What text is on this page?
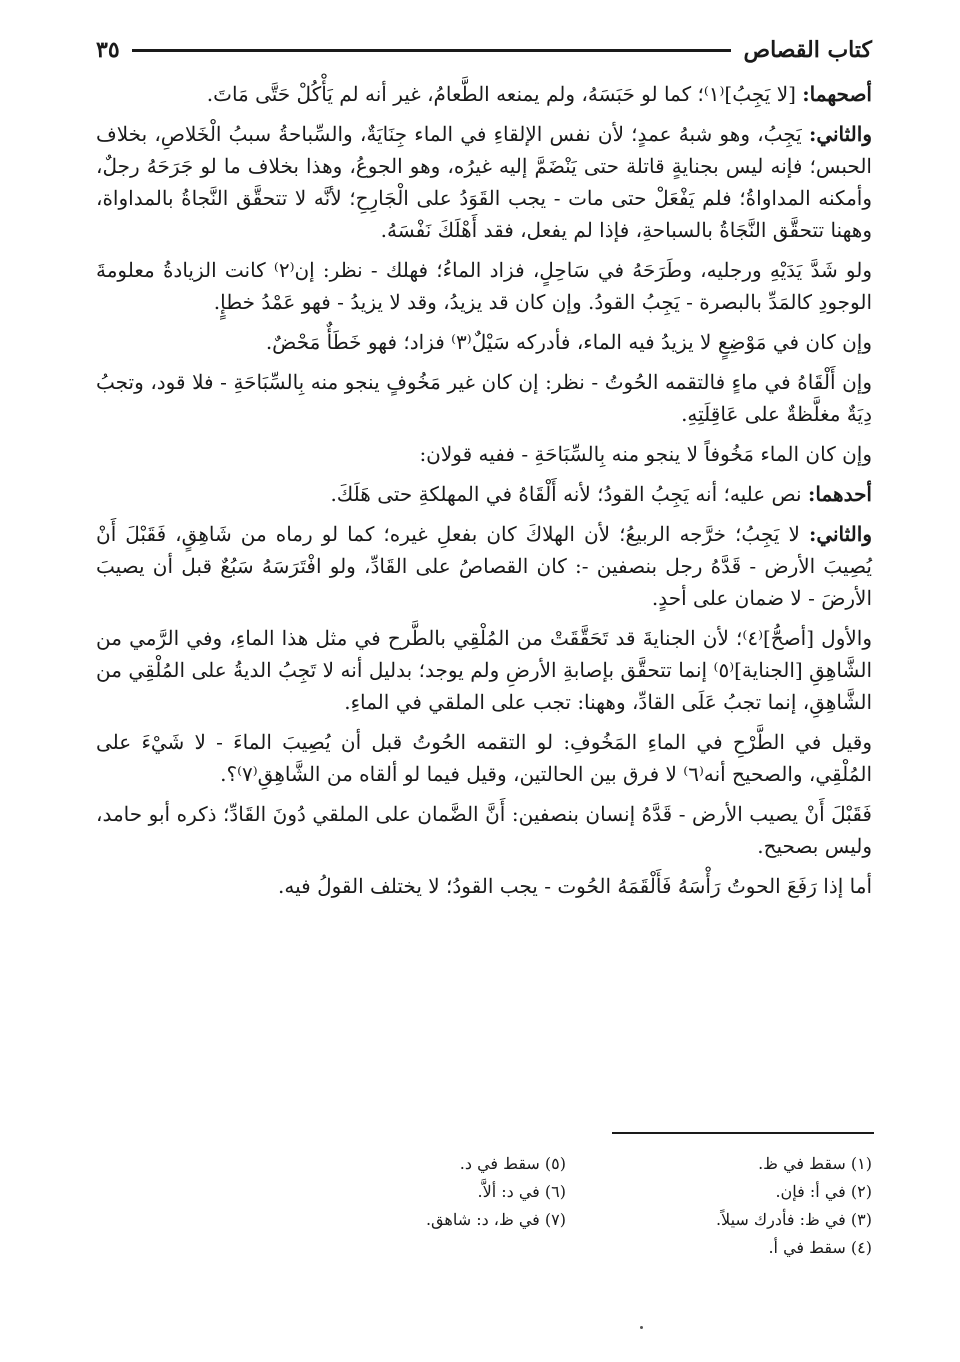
كتاب القصاص
٣٥

أصحهما: [لا يَجِبُ]⁽١⁾؛ كما لو حَبَسَهُ، ولم يمنعه الطَّعامُ، غير أنه لم يَأْكُلْ حَتَّى مَاتَ.

والثاني: يَجِبُ، وهو شبهُ عمدٍ؛ لأن نفس الإلقاءِ في الماء جِنَايَةٌ، والسِّباحةُ سببُ الْخَلاصِ، بخلاف الحبس؛ فإنه ليس بجنايةٍ قاتلة حتى يَنْضَمَّ إليه غيرُه، وهو الجوعُ، وهذا بخلاف ما لو جَرَحَهُ رجلٌ، وأمكنه المداواةُ؛ فلم يَفْعَلْ حتى مات - يجب القَوَدُ على الْجَارِحِ؛ لأنَّه لا تتحقَّق النَّجاةُ بالمداواة، وههنا تتحقَّق النَّجَاةُ بالسباحةِ، فإذا لم يفعل، فقد أَهْلَكَ نَفْسَهُ.

ولو شَدَّ يَدَيْهِ ورجليه، وطَرَحَهُ في سَاحِلٍ، فزاد الماءُ؛ فهلك - نظر: إن⁽٢⁾ كانت الزيادةُ معلومةَ الوجودِ كالمَدِّ بالبصرة - يَجِبُ القودُ. وإن كان قد يزيدُ، وقد لا يزيدُ - فهو عَمْدُ خطإٍ.

وإن كان في مَوْضِعٍ لا يزيدُ فيه الماء، فأدركه سَيْلٌ⁽٣⁾ فزاد؛ فهو خَطَأٌ مَحْضٌ.

وإن أَلْقَاهُ في ماءٍ فالتقمه الحُوتُ - نظر: إن كان غير مَخُوفٍ ينجو منه بِالسِّبَاحَةِ - فلا قود، وتجبُ دِيَةٌ مغلَّظةٌ على عَاقِلَتِهِ.

وإن كان الماء مَخُوفاً لا ينجو منه بِالسِّبَاحَةِ - ففيه قولان:

أحدهما: نص عليه؛ أنه يَجِبُ القودُ؛ لأنه أَلْقَاهُ في المهلكةِ حتى هَلَكَ.

والثاني: لا يَجِبُ؛ خرَّجه الربيعُ؛ لأن الهلاكَ كان بفعلِ غيره؛ كما لو رماه من شَاهِقٍ، فَقَبْلَ أَنْ يُصِيبَ الأرض - قَدَّهُ رجل بنصفين -: كان القصاصُ على القَادِّ، ولو افْتَرَسَهُ سَبُعٌ قبل أن يصيبَ الأرضَ - لا ضمان على أحدٍ.

والأول [أصحُّ]⁽٤⁾؛ لأن الجنايةَ قد تَحَقَّقَتْ من المُلْقِي بالطَّرح في مثل هذا الماءِ، وفي الرَّمي من الشَّاهِقِ [الجناية]⁽٥⁾ إنما تتحقَّق بإصابةِ الأرضِ ولم يوجد؛ بدليل أنه لا تَجِبُ الديةُ على المُلْقِي من الشَّاهِقِ، إنما تجبُ عَلَى القادِّ، وههنا: تجب على الملقي في الماءِ.

وقيل في الطَّرْحِ في الماءِ المَخُوفِ: لو التقمه الحُوتُ قبل أن يُصِيبَ الماءَ - لا شَيْءَ على المُلْقِي، والصحيح أنه⁽٦⁾ لا فرق بين الحالتين، وقيل فيما لو ألقاه من الشَّاهِقِ⁽٧⁾؟.

فَقَبْلَ أَنْ يصيب الأرض - قَدَّهُ إنسان بنصفين: أَنَّ الضَّمان على الملقي دُونَ القَادِّ؛ ذكره أبو حامد، وليس بصحيح.

أما إذا رَفَعَ الحوتُ رَأْسَهُ فَأَلْقَمَهُ الحُوت - يجب القودُ؛ لا يختلف القولُ فيه.

(١) سقط في ظ.
(٢) في أ: فإن.
(٣) في ظ: فأدرك سيلاً.
(٤) سقط في أ.
(٥) سقط في د.
(٦) في د: ألاَّ.
(٧) في ظ، د: شاهق.
